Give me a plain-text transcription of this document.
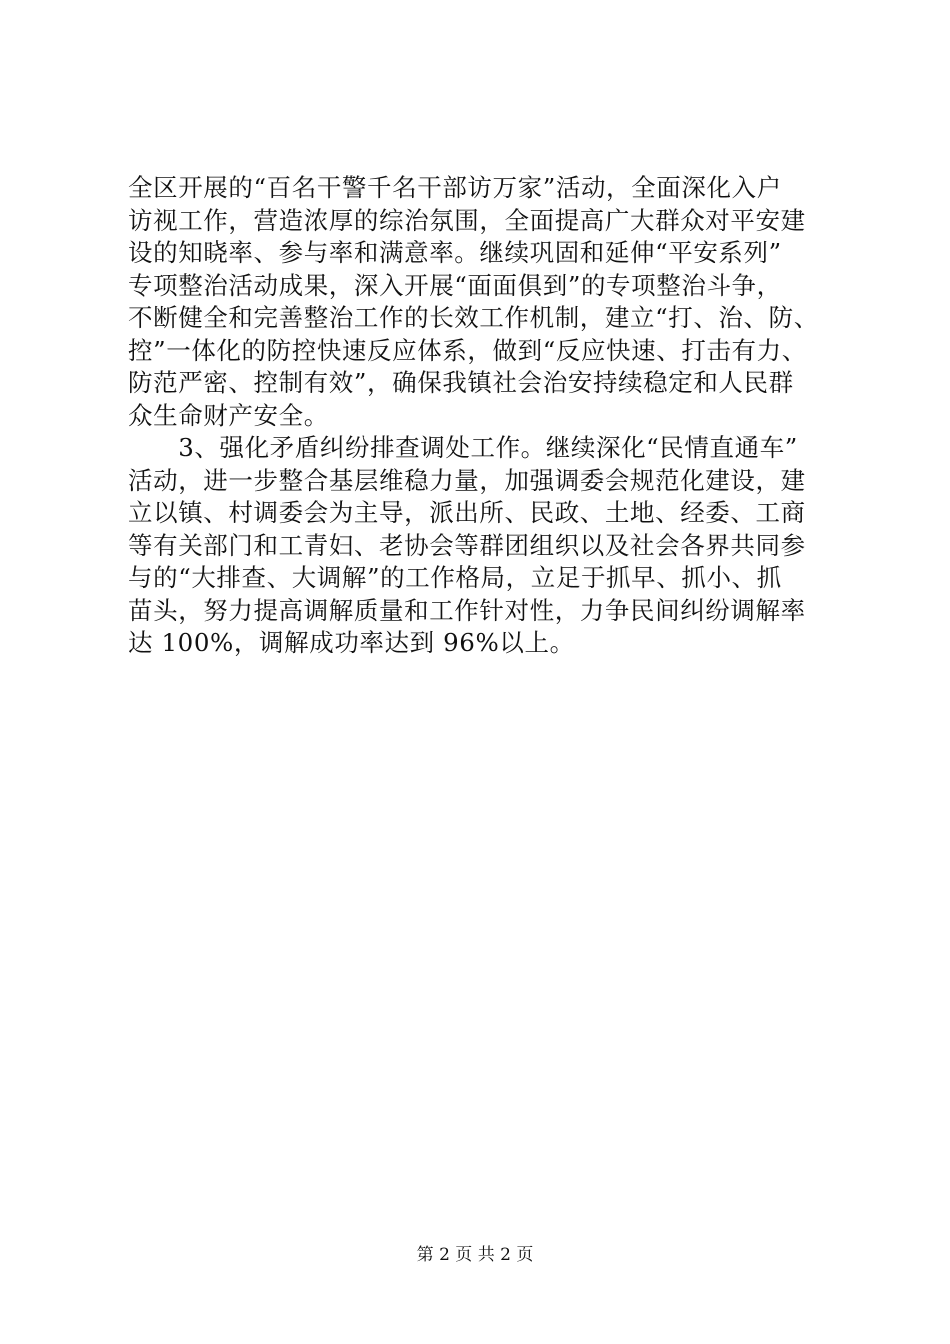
全区开展的“百名干警千名干部访万家”活动，全面深化入户
访视工作，营造浓厚的综治氛围，全面提高广大群众对平安建
设的知晓率、参与率和满意率。继续巩固和延伸“平安系列”
专项整治活动成果，深入开展“面面俱到”的专项整治斗争，
不断健全和完善整治工作的长效工作机制，建立“打、治、防、
控”一体化的防控快速反应体系，做到“反应快速、打击有力、
防范严密、控制有效”，确保我镇社会治安持续稳定和人民群
众生命财产安全。
　　3、强化矛盾纠纷排查调处工作。继续深化“民情直通车”
活动，进一步整合基层维稳力量，加强调委会规范化建设，建
立以镇、村调委会为主导，派出所、民政、土地、经委、工商
等有关部门和工青妇、老协会等群团组织以及社会各界共同参
与的“大排查、大调解”的工作格局，立足于抓早、抓小、抓
苗头，努力提高调解质量和工作针对性，力争民间纠纷调解率
达 100%，调解成功率达到 96%以上。
第 2 页 共 2 页
